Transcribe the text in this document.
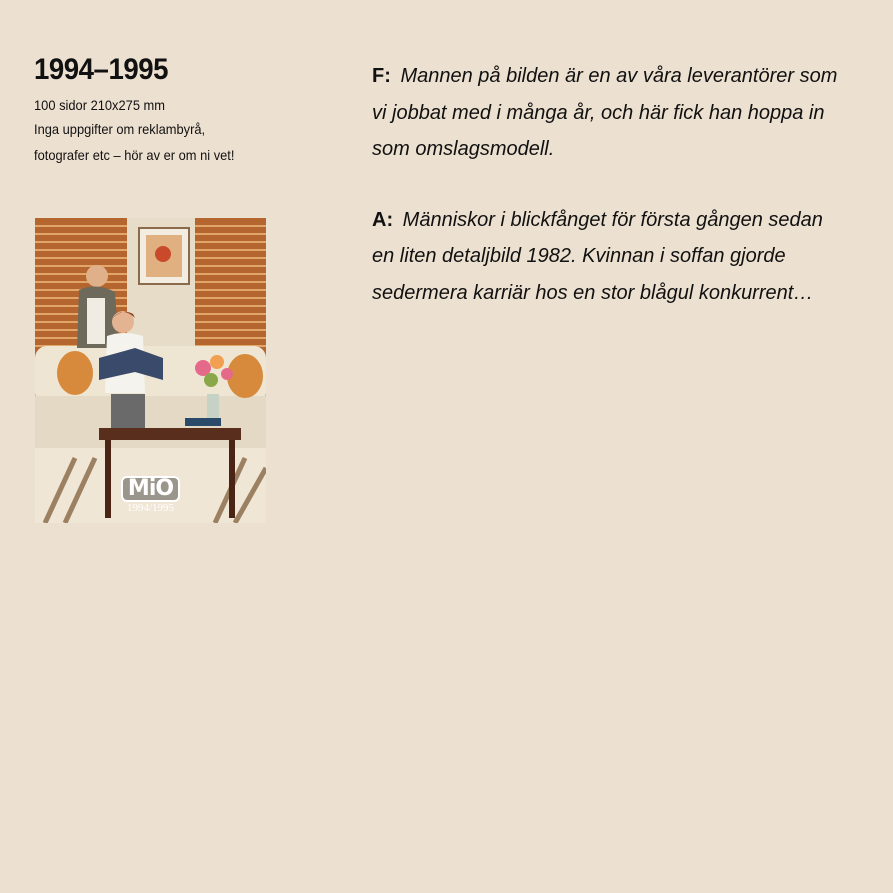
1994–1995
100 sidor 210x275 mm
Inga uppgifter om reklambyrå, fotografer etc – hör av er om ni vet!
MiO
1994/1995

F: Mannen på bilden är en av våra leverantörer som vi jobbat med i många år, och här fick han hoppa in som omslagsmodell.

A: Människor i blickfånget för första gången sedan en liten detaljbild 1982. Kvinnan i soffan gjorde sedermera karriär hos en stor blågul konkurrent…
